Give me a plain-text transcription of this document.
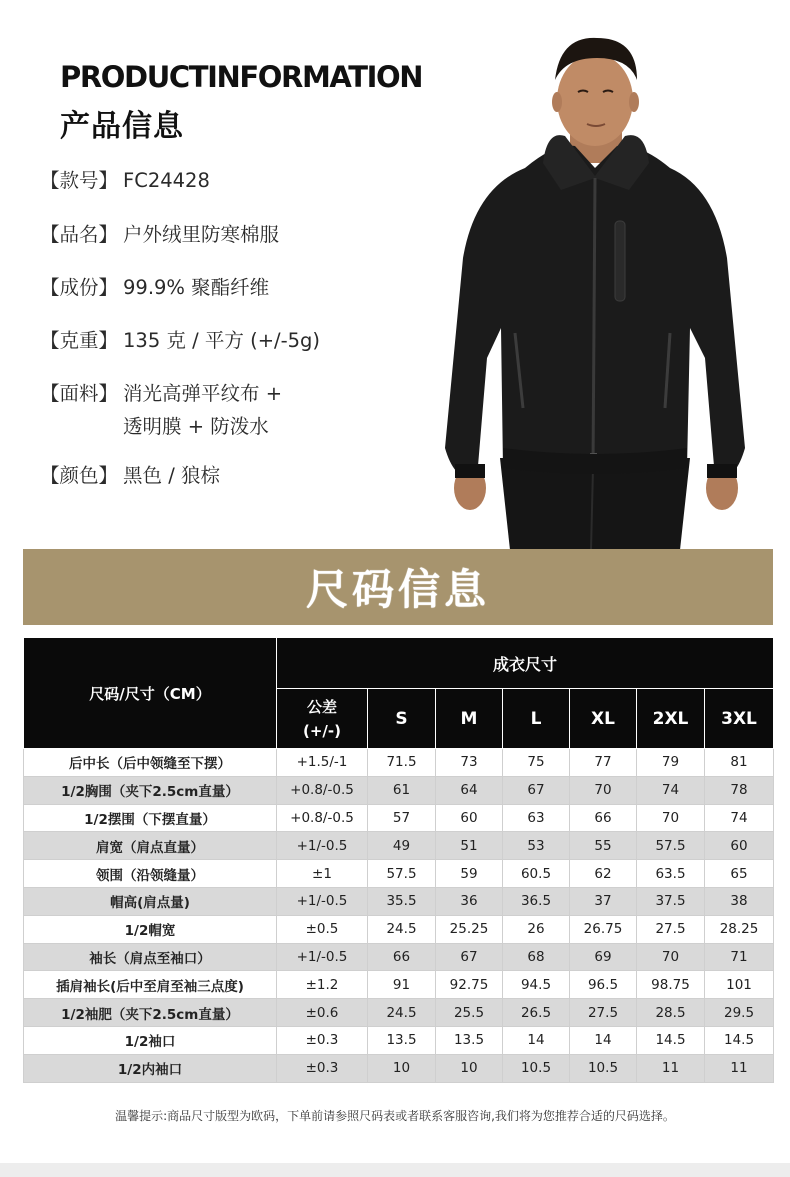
PRODUCTINFORMATION
产品信息
【款号】 FC24428
【品名】 户外绒里防寒棉服
【成份】 99.9% 聚酯纤维
【克重】 135 克 / 平方 (+/-5g)
【面料】 消光高弹平纹布 +
透明膜 + 防泼水
【颜色】 黑色 / 狼棕
尺码信息
尺码/尺寸（CM）	成衣尺寸						

	公差
(+/-)	S	M	L	XL	2XL	3XL
后中长（后中领缝至下摆）	+1.5/-1	71.5	73	75	77	79	81
1/2胸围（夹下2.5cm直量）	+0.8/-0.5	61	64	67	70	74	78
1/2摆围（下摆直量）	+0.8/-0.5	57	60	63	66	70	74
肩宽（肩点直量）	+1/-0.5	49	51	53	55	57.5	60
领围（沿领缝量）	±1	57.5	59	60.5	62	63.5	65
帽高(肩点量)	+1/-0.5	35.5	36	36.5	37	37.5	38
1/2帽宽	±0.5	24.5	25.25	26	26.75	27.5	28.25
袖长（肩点至袖口）	+1/-0.5	66	67	68	69	70	71
插肩袖长(后中至肩至袖三点度)	±1.2	91	92.75	94.5	96.5	98.75	101
1/2袖肥（夹下2.5cm直量）	±0.6	24.5	25.5	26.5	27.5	28.5	29.5
1/2袖口	±0.3	13.5	13.5	14	14	14.5	14.5
1/2内袖口	±0.3	10	10	10.5	10.5	11	11
温馨提示:商品尺寸版型为欧码，下单前请参照尺码表或者联系客服咨询,我们将为您推荐合适的尺码选择。
